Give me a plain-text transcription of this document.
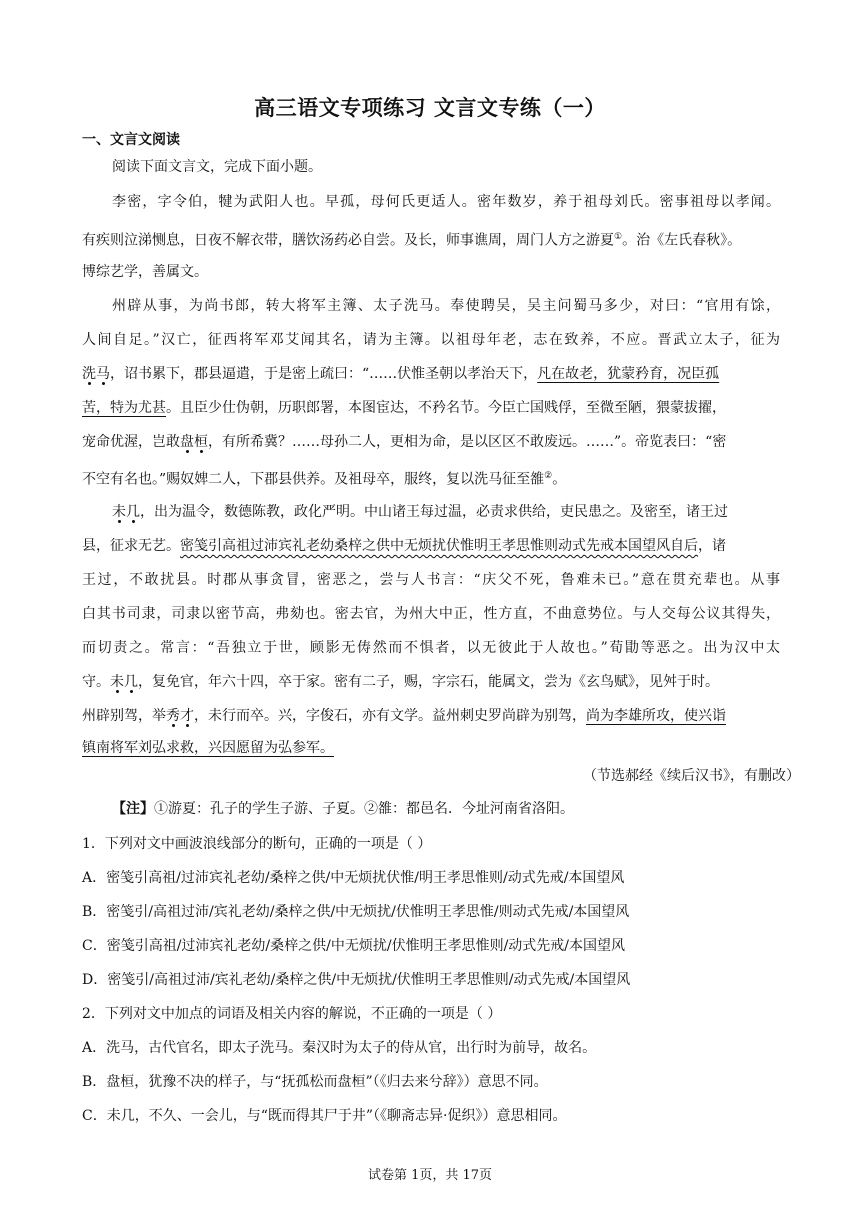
高三语文专项练习 文言文专练（一）
一、文言文阅读
阅读下面文言文，完成下面小题。
李密，字令伯，犍为武阳人也。早孤，母何氏更适人。密年数岁，养于祖母刘氏。密事祖母以孝闻。
有疾则泣涕恻息，日夜不解衣带，膳饮汤药必自尝。及长，师事谯周，周门人方之游夏①。治《左氏春秋》。
博综艺学，善属文。
州辟从事，为尚书郎，转大将军主簿、太子洗马。奉使聘吴，吴主问蜀马多少，对曰：“官用有馀，
人间自足。”汉亡，征西将军邓艾闻其名，请为主簿。以祖母年老，志在致养，不应。晋武立太子，征为
洗马，诏书累下，郡县逼遣，于是密上疏曰：“……伏惟圣朝以孝治天下，凡在故老，犹蒙矜育，况臣孤
苦，特为尤甚。且臣少仕伪朝，历职郎署，本图宦达，不矜名节。今臣亡国贱俘，至微至陋，猥蒙拔擢，
宠命优渥，岂敢盘桓，有所希冀？……母孙二人，更相为命，是以区区不敢废远。……”。帝览表曰：“密
不空有名也。”赐奴婢二人，下郡县供养。及祖母卒，服终，复以洗马征至雒②。
未几，出为温令，数德陈教，政化严明。中山诸王每过温，必责求供给，吏民患之。及密至，诸王过
县，征求无艺。密笺引高祖过沛宾礼老幼桑梓之供中无烦扰伏惟明王孝思惟则动式先戒本国望风自后，诸
王过，不敢扰县。时郡从事贪冒，密恶之，尝与人书言：“庆父不死，鲁难未已。”意在贯充辈也。从事
白其书司隶，司隶以密节高，弗劾也。密去官，为州大中正，性方直，不曲意势位。与人交每公议其得失，
而切责之。常言：“吾独立于世，顾影无俦然而不惧者，以无彼此于人故也。”荀勖等恶之。出为汉中太
守。未几，复免官，年六十四，卒于家。密有二子，赐，字宗石，能属文，尝为《玄鸟赋》，见舛于时。
州辟别驾，举秀才，未行而卒。兴，字俊石，亦有文学。益州刺史罗尚辟为别驾，尚为李雄所攻，使兴诣
镇南将军刘弘求救，兴因愿留为弘参军。
（节选郝经《续后汉书》，有删改）
【注】①游夏：孔子的学生子游、子夏。②雒：都邑名．今址河南省洛阳。
1．下列对文中画波浪线部分的断句，正确的一项是（ ）
A．密笺引高祖/过沛宾礼老幼/桑梓之供/中无烦扰伏惟/明王孝思惟则/动式先戒/本国望风
B．密笺引/高祖过沛/宾礼老幼/桑梓之供/中无烦扰/伏惟明王孝思惟/则动式先戒/本国望风
C．密笺引高祖/过沛宾礼老幼/桑梓之供/中无烦扰/伏惟明王孝思惟则/动式先戒/本国望风
D．密笺引/高祖过沛/宾礼老幼/桑梓之供/中无烦扰/伏惟明王孝思惟则/动式先戒/本国望风
2．下列对文中加点的词语及相关内容的解说，不正确的一项是（ ）
A．洗马，古代官名，即太子洗马。秦汉时为太子的侍从官，出行时为前导，故名。
B．盘桓，犹豫不决的样子，与“抚孤松而盘桓”（《归去来兮辞》）意思不同。
C．未几，不久、一会儿，与“既而得其尸于井”（《聊斋志异·促织》）意思相同。
试卷第 1页，共 17页
